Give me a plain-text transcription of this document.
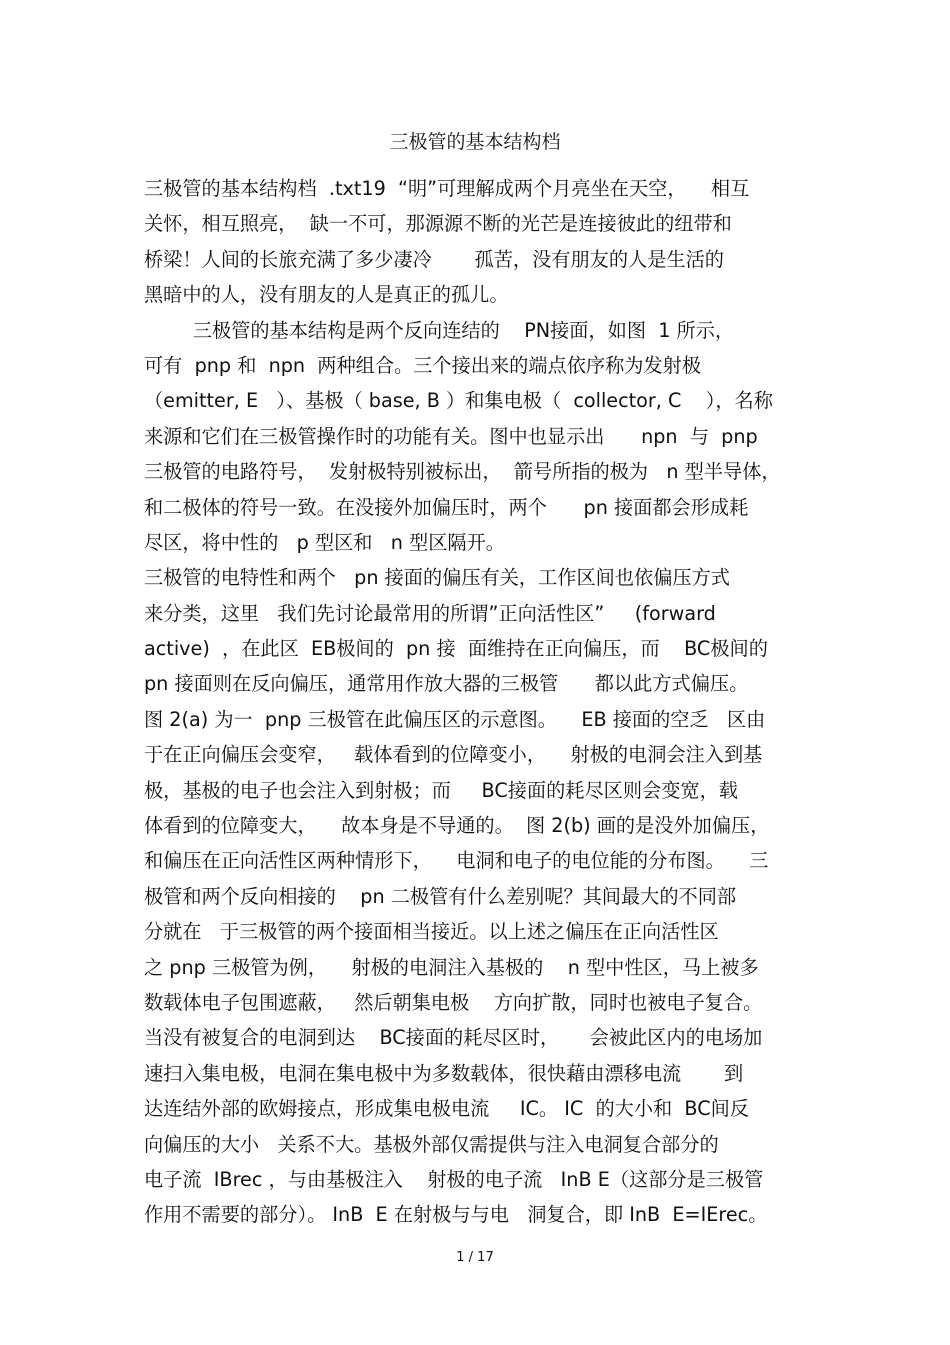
三极管的基本结构档
三极管的基本结构档  .txt19  “明”可理解成两个月亮坐在天空，    相互
关怀，相互照亮，  缺一不可，那源源不断的光芒是连接彼此的纽带和
桥梁！人间的长旅充满了多少凄冷       孤苦，没有朋友的人是生活的
黑暗中的人，没有朋友的人是真正的孤儿。
三极管的基本结构是两个反向连结的    PN接面，如图  1 所示，
可有  pnp 和  npn  两种组合。三个接出来的端点依序称为发射极
（emitter, E   ）、基极（ base, B ）和集电极（  collector, C    ），名称
来源和它们在三极管操作时的功能有关。图中也显示出      npn  与  pnp
三极管的电路符号，  发射极特别被标出，  箭号所指的极为   n 型半导体，
和二极体的符号一致。在没接外加偏压时，两个      pn 接面都会形成耗
尽区，将中性的   p 型区和   n 型区隔开。
三极管的电特性和两个   pn 接面的偏压有关，工作区间也依偏压方式
来分类，这里   我们先讨论最常用的所谓”正向活性区”     (forward
active)  ，在此区  EB极间的  pn 接  面维持在正向偏压，而    BC极间的
pn 接面则在反向偏压，通常用作放大器的三极管      都以此方式偏压。
图 2(a) 为一  pnp 三极管在此偏压区的示意图。    EB 接面的空乏   区由
于在正向偏压会变窄，   载体看到的位障变小，    射极的电洞会注入到基
极，基极的电子也会注入到射极；而     BC接面的耗尽区则会变宽，载
体看到的位障变大，    故本身是不导通的。  图 2(b) 画的是没外加偏压，
和偏压在正向活性区两种情形下，    电洞和电子的电位能的分布图。    三
极管和两个反向相接的    pn 二极管有什么差别呢？其间最大的不同部
分就在   于三极管的两个接面相当接近。以上述之偏压在正向活性区
之 pnp 三极管为例，    射极的电洞注入基极的    n 型中性区，马上被多
数载体电子包围遮蔽，   然后朝集电极    方向扩散，同时也被电子复合。
当没有被复合的电洞到达    BC接面的耗尽区时，     会被此区内的电场加
速扫入集电极，电洞在集电极中为多数载体，很快藉由漂移电流       到
达连结外部的欧姆接点，形成集电极电流     IC。 IC  的大小和  BC间反
向偏压的大小   关系不大。基极外部仅需提供与注入电洞复合部分的
电子流  IBrec ，与由基极注入    射极的电子流   InB E（这部分是三极管
作用不需要的部分）。 InB  E 在射极与与电   洞复合，即 InB  E=IErec。
1 / 17
